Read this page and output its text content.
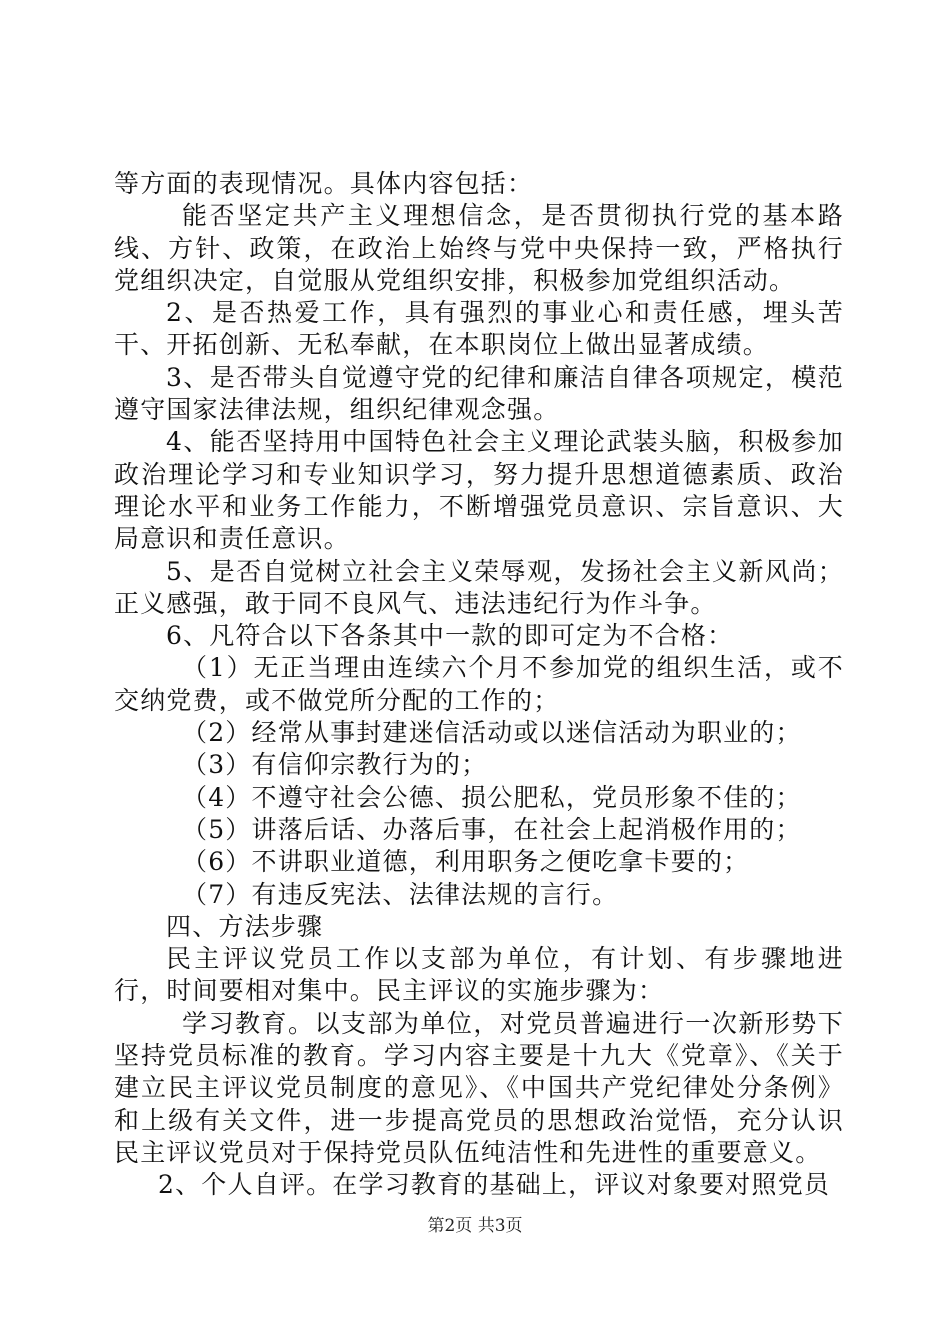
等方面的表现情况。具体内容包括：

能否坚定共产主义理想信念，是否贯彻执行党的基本路线、方针、政策，在政治上始终与党中央保持一致，严格执行党组织决定，自觉服从党组织安排，积极参加党组织活动。

2、是否热爱工作，具有强烈的事业心和责任感，埋头苦干、开拓创新、无私奉献，在本职岗位上做出显著成绩。

3、是否带头自觉遵守党的纪律和廉洁自律各项规定，模范遵守国家法律法规，组织纪律观念强。

4、能否坚持用中国特色社会主义理论武装头脑，积极参加政治理论学习和专业知识学习，努力提升思想道德素质、政治理论水平和业务工作能力，不断增强党员意识、宗旨意识、大局意识和责任意识。

5、是否自觉树立社会主义荣辱观，发扬社会主义新风尚；正义感强，敢于同不良风气、违法违纪行为作斗争。

6、凡符合以下各条其中一款的即可定为不合格：

（1）无正当理由连续六个月不参加党的组织生活，或不交纳党费，或不做党所分配的工作的；

（2）经常从事封建迷信活动或以迷信活动为职业的；

（3）有信仰宗教行为的；

（4）不遵守社会公德、损公肥私，党员形象不佳的；

（5）讲落后话、办落后事，在社会上起消极作用的；

（6）不讲职业道德，利用职务之便吃拿卡要的；

（7）有违反宪法、法律法规的言行。

四、方法步骤

民主评议党员工作以支部为单位，有计划、有步骤地进行，时间要相对集中。民主评议的实施步骤为：

学习教育。以支部为单位，对党员普遍进行一次新形势下坚持党员标准的教育。学习内容主要是十九大《党章》、《关于建立民主评议党员制度的意见》、《中国共产党纪律处分条例》和上级有关文件，进一步提高党员的思想政治觉悟，充分认识民主评议党员对于保持党员队伍纯洁性和先进性的重要意义。

2、个人自评。在学习教育的基础上，评议对象要对照党员

第2页 共3页
